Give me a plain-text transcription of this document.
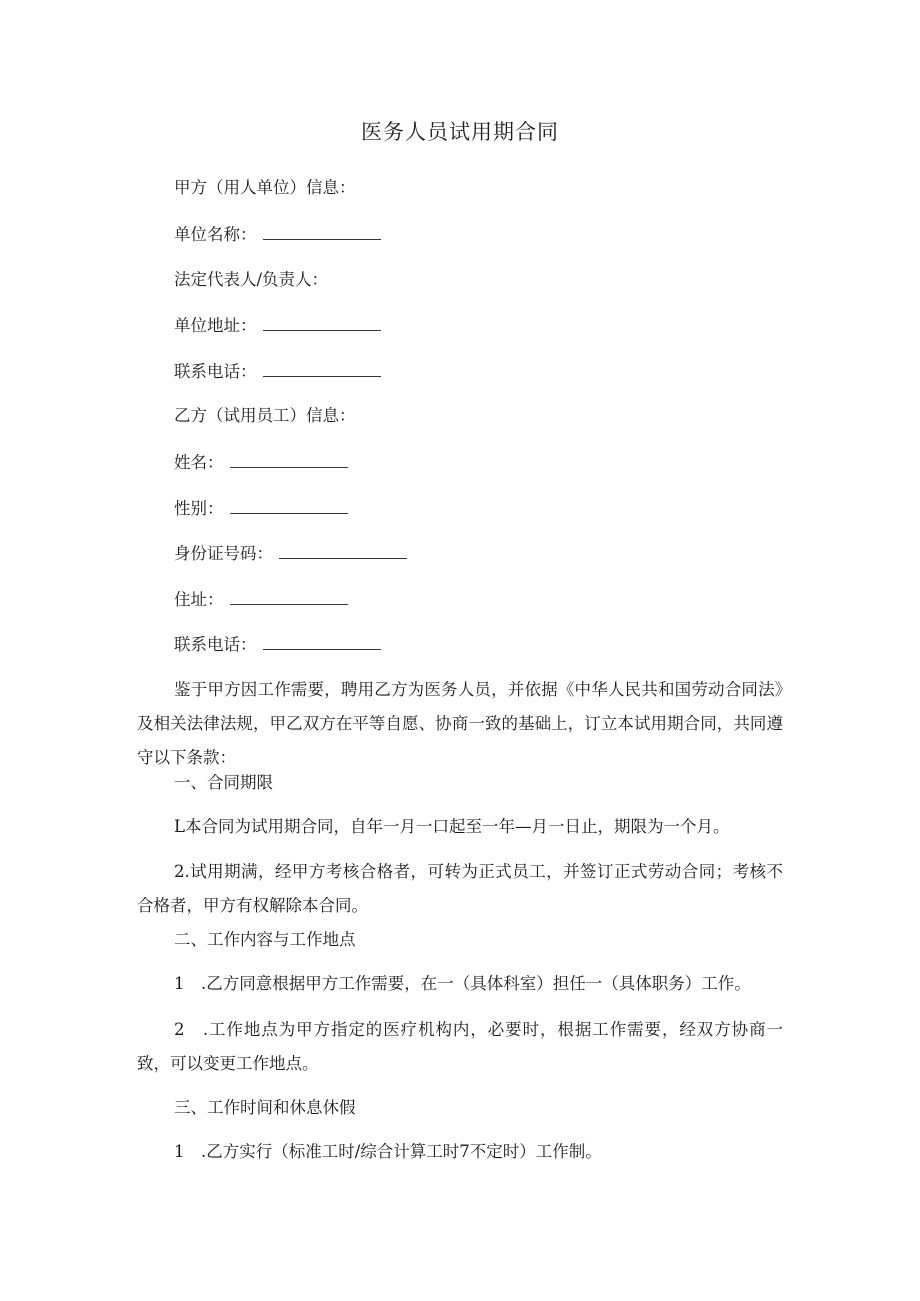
医务人员试用期合同
甲方（用人单位）信息：
单位名称：
法定代表人/负责人：
单位地址：
联系电话：
乙方（试用员工）信息：
姓名：
性别：
身份证号码：
住址：
联系电话：
鉴于甲方因工作需要，聘用乙方为医务人员，并依据《中华人民共和国劳动合同法》及相关法律法规，甲乙双方在平等自愿、协商一致的基础上，订立本试用期合同，共同遵守以下条款：
一、合同期限
L本合同为试用期合同，自年一月一口起至一年—月一日止，期限为一个月。
2.试用期满，经甲方考核合格者，可转为正式员工，并签订正式劳动合同；考核不合格者，甲方有权解除本合同。
二、工作内容与工作地点
1　.乙方同意根据甲方工作需要，在一（具体科室）担任一（具体职务）工作。
2　.工作地点为甲方指定的医疗机构内，必要时，根据工作需要，经双方协商一致，可以变更工作地点。
三、工作时间和休息休假
1　.乙方实行（标准工时/综合计算工时7不定时）工作制。
